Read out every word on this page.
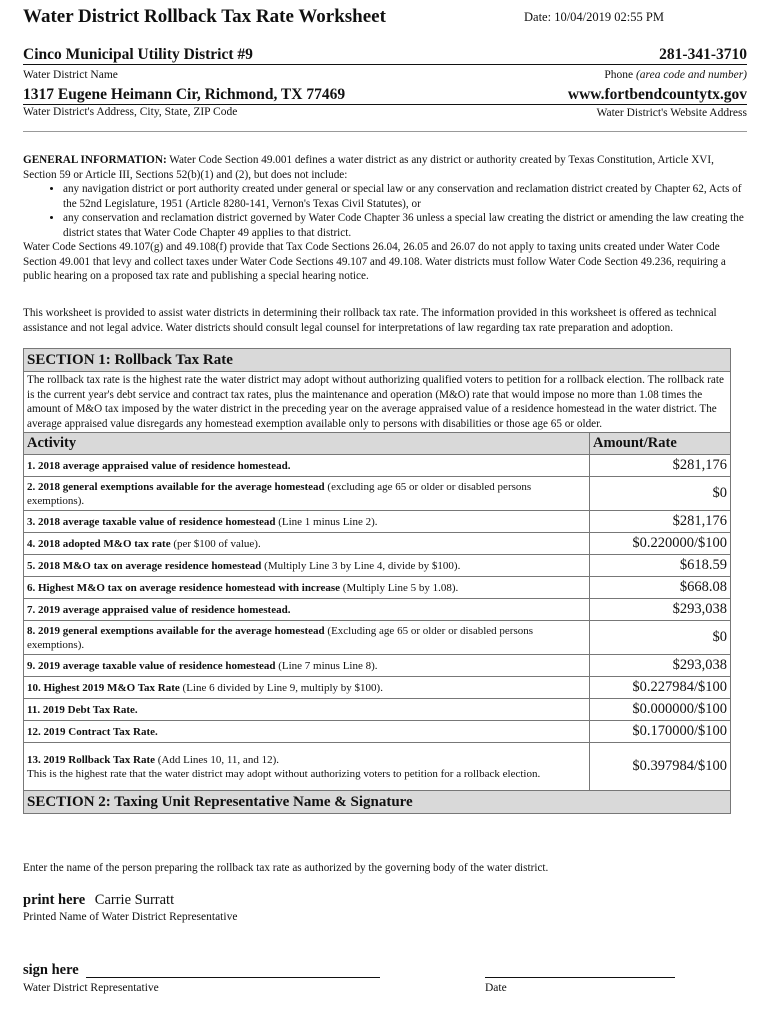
Water District Rollback Tax Rate Worksheet	Date: 10/04/2019 02:55 PM
Cinco Municipal Utility District #9	281-341-3710
Water District Name	Phone (area code and number)
1317 Eugene Heimann Cir, Richmond, TX 77469	www.fortbendcountytx.gov
Water District's Address, City, State, ZIP Code	Water District's Website Address
GENERAL INFORMATION: Water Code Section 49.001 defines a water district as any district or authority created by Texas Constitution, Article XVI, Section 59 or Article III, Sections 52(b)(1) and (2), but does not include:
• any navigation district or port authority created under general or special law or any conservation and reclamation district created by Chapter 62, Acts of the 52nd Legislature, 1951 (Article 8280-141, Vernon's Texas Civil Statutes), or
• any conservation and reclamation district governed by Water Code Chapter 36 unless a special law creating the district or amending the law creating the district states that Water Code Chapter 49 applies to that district.
Water Code Sections 49.107(g) and 49.108(f) provide that Tax Code Sections 26.04, 26.05 and 26.07 do not apply to taxing units created under Water Code Section 49.001 that levy and collect taxes under Water Code Sections 49.107 and 49.108. Water districts must follow Water Code Section 49.236, requiring a public hearing on a proposed tax rate and publishing a special hearing notice.
This worksheet is provided to assist water districts in determining their rollback tax rate. The information provided in this worksheet is offered as technical assistance and not legal advice. Water districts should consult legal counsel for interpretations of law regarding tax rate preparation and adoption.
SECTION 1: Rollback Tax Rate	
The rollback tax rate is the highest rate the water district may adopt without authorizing qualified voters to petition for a rollback election. The rollback rate is the current year's debt service and contract tax rates, plus the maintenance and operation (M&O) rate that would impose no more than 1.08 times the amount of M&O tax imposed by the water district in the preceding year on the average appraised value of a residence homestead in the water district. The average appraised value disregards any homestead exemption available only to persons with disabilities or those age 65 or older.	
Activity	Amount/Rate
1. 2018 average appraised value of residence homestead.	$281,176
2. 2018 general exemptions available for the average homestead (excluding age 65 or older or disabled persons exemptions).	$0
3. 2018 average taxable value of residence homestead (Line 1 minus Line 2).	$281,176
4. 2018 adopted M&O tax rate (per $100 of value).	$0.220000/$100
5. 2018 M&O tax on average residence homestead (Multiply Line 3 by Line 4, divide by $100).	$618.59
6. Highest M&O tax on average residence homestead with increase (Multiply Line 5 by 1.08).	$668.08
7. 2019 average appraised value of residence homestead.	$293,038
8. 2019 general exemptions available for the average homestead (Excluding age 65 or older or disabled persons exemptions).	$0
9. 2019 average taxable value of residence homestead (Line 7 minus Line 8).	$293,038
10. Highest 2019 M&O Tax Rate (Line 6 divided by Line 9, multiply by $100).	$0.227984/$100
11. 2019 Debt Tax Rate.	$0.000000/$100
12. 2019 Contract Tax Rate.	$0.170000/$100
13. 2019 Rollback Tax Rate (Add Lines 10, 11, and 12).
This is the highest rate that the water district may adopt without authorizing voters to petition for a rollback election.	$0.397984/$100
SECTION 2: Taxing Unit Representative Name & Signature	
Enter the name of the person preparing the rollback tax rate as authorized by the governing body of the water district.
print here Carrie Surratt
Printed Name of Water District Representative
sign here
Water District Representative	Date
